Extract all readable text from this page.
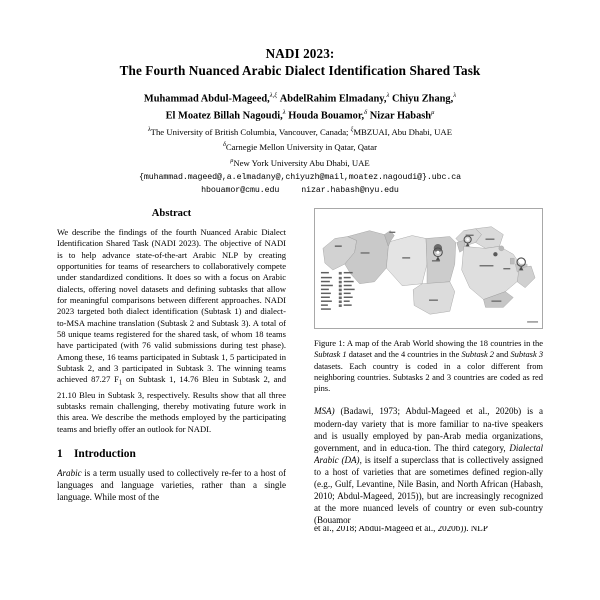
NADI 2023:
The Fourth Nuanced Arabic Dialect Identification Shared Task
Muhammad Abdul-Mageed,$^{\lambda,\xi}$ AbdelRahim Elmadany,$^\lambda$ Chiyu Zhang,$^\lambda$
El Moatez Billah Nagoudi,$^\lambda$ Houda Bouamor,$^\delta$ Nizar Habash$^\mu$
$^\lambda$The University of British Columbia, Vancouver, Canada; $^\xi$MBZUAI, Abu Dhabi, UAE
$^\delta$Carnegie Mellon University in Qatar, Qatar
$^\mu$New York University Abu Dhabi, UAE
{muhammad.mageed@,a.elmadany@,chiyuzh@mail,moatez.nagoudi@}.ubc.ca
hbouamor@cmu.edu	nizar.habash@nyu.edu
Abstract

We describe the findings of the fourth Nuanced Arabic Dialect Identification Shared Task (NADI 2023). The objective of NADI is to help advance state-of-the-art Arabic NLP by creating opportunities for teams of researchers to collaboratively compete under standardized conditions. It does so with a focus on Arabic dialects, offering novel datasets and defining subtasks that allow for meaningful comparisons between different approaches. NADI 2023 targeted both dialect identification (Subtask 1) and dialect-to-MSA machine translation (Subtask 2 and Subtask 3). A total of 58 unique teams registered for the shared task, of whom 18 teams have participated (with 76 valid submissions during test phase). Among these, 16 teams participated in Subtask 1, 5 participated in Subtask 2, and 3 participated in Subtask 3. The winning teams achieved 87.27 $F_1$ on Subtask 1, 14.76 Bleu in Subtask 2, and 21.10 Bleu in Subtask 3, respectively. Results show that all three subtasks remain challenging, thereby motivating future work in this area. We describe the methods employed by the participating teams and briefly offer an outlook for NADI.

1 Introduction

Arabic is a term usually used to collectively re-fer to a host of languages and language varieties, rather than a single language. While most of the

Figure 1: A map of the Arab World showing the 18 countries in the Subtask 1 dataset and the 4 countries in the Subtask 2 and Subtask 3 datasets. Each country is coded in a color different from neighboring countries. Subtasks 2 and 3 countries are coded as red pins.

MSA) (Badawi, 1973; Abdul-Mageed et al., 2020b) is a modern-day variety that is more familiar to na-tive speakers and is usually employed by pan-Arab media organizations, government, and in educa-tion. The third category, Dialectal Arabic (DA), is itself a superclass that is collectively assigned to a host of varieties that are sometimes defined region-ally (e.g., Gulf, Levantine, Nile Basin, and North African (Habash, 2010; Abdul-Mageed, 2015)), but are increasingly recognized at the more nuanced levels of country or even sub-country (Bouamor

et al., 2018; Abdul-Mageed et al., 2020b)). NLP
